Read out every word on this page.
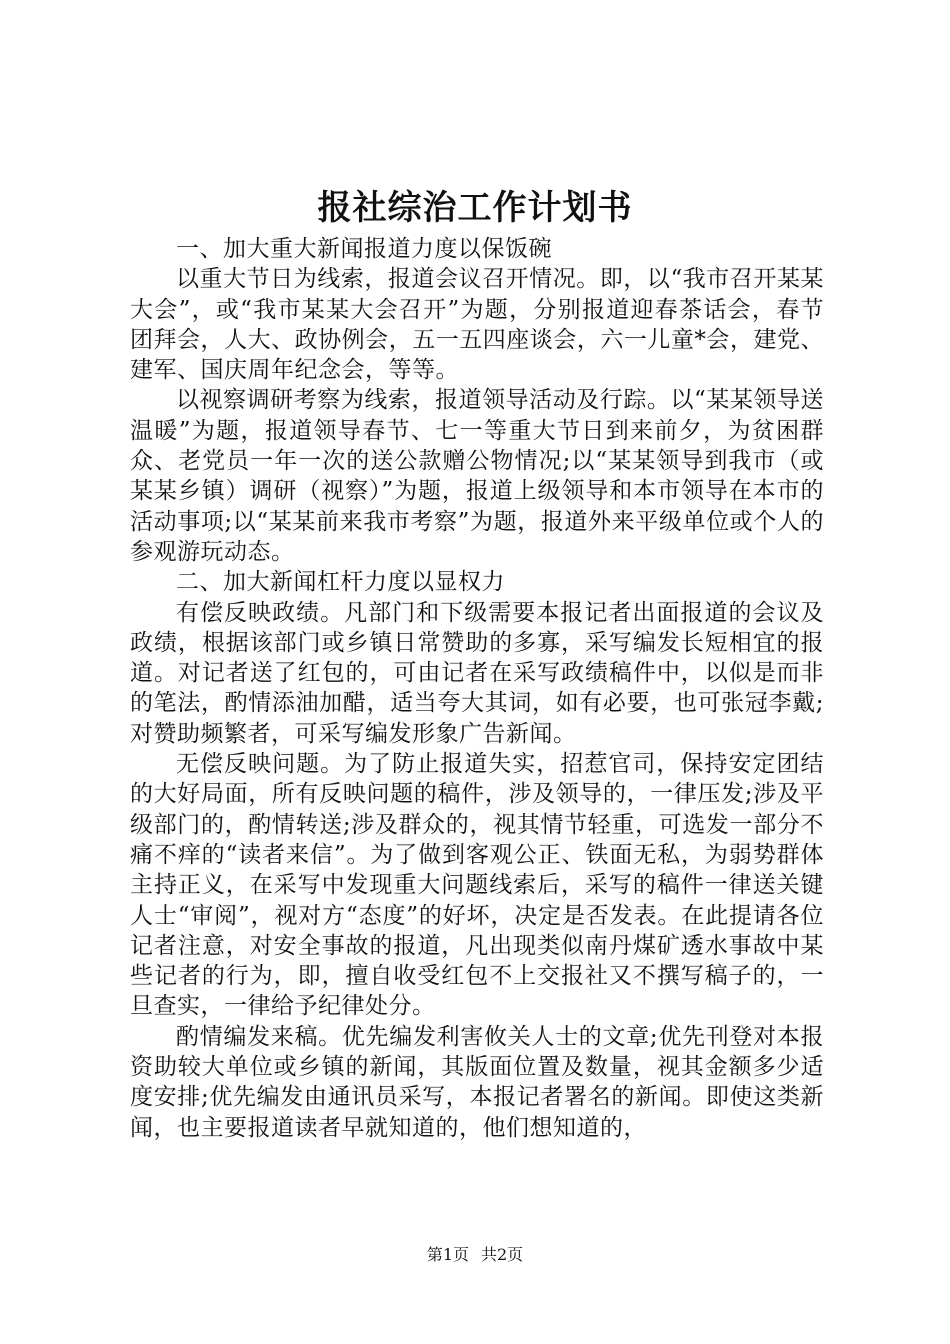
报社综治工作计划书

一、加大重大新闻报道力度以保饭碗

以重大节日为线索，报道会议召开情况。即，以“我市召开某某大会”，或“我市某某大会召开”为题，分别报道迎春茶话会，春节团拜会，人大、政协例会，五一五四座谈会，六一儿童*会，建党、建军、国庆周年纪念会，等等。

以视察调研考察为线索，报道领导活动及行踪。以“某某领导送温暖”为题，报道领导春节、七一等重大节日到来前夕，为贫困群众、老党员一年一次的送公款赠公物情况;以“某某领导到我市（或某某乡镇）调研（视察）”为题，报道上级领导和本市领导在本市的活动事项;以“某某前来我市考察”为题，报道外来平级单位或个人的参观游玩动态。

二、加大新闻杠杆力度以显权力

有偿反映政绩。凡部门和下级需要本报记者出面报道的会议及政绩，根据该部门或乡镇日常赞助的多寡，采写编发长短相宜的报道。对记者送了红包的，可由记者在采写政绩稿件中，以似是而非的笔法，酌情添油加醋，适当夸大其词，如有必要，也可张冠李戴;对赞助频繁者，可采写编发形象广告新闻。

无偿反映问题。为了防止报道失实，招惹官司，保持安定团结的大好局面，所有反映问题的稿件，涉及领导的，一律压发;涉及平级部门的，酌情转送;涉及群众的，视其情节轻重，可选发一部分不痛不痒的“读者来信”。为了做到客观公正、铁面无私，为弱势群体主持正义，在采写中发现重大问题线索后，采写的稿件一律送关键人士“审阅”，视对方“态度”的好坏，决定是否发表。在此提请各位记者注意，对安全事故的报道，凡出现类似南丹煤矿透水事故中某些记者的行为，即，擅自收受红包不上交报社又不撰写稿子的，一旦查实，一律给予纪律处分。

酌情编发来稿。优先编发利害攸关人士的文章;优先刊登对本报资助较大单位或乡镇的新闻，其版面位置及数量，视其金额多少适度安排;优先编发由通讯员采写，本报记者署名的新闻。即使这类新闻，也主要报道读者早就知道的，他们想知道的，

第1页 共2页
